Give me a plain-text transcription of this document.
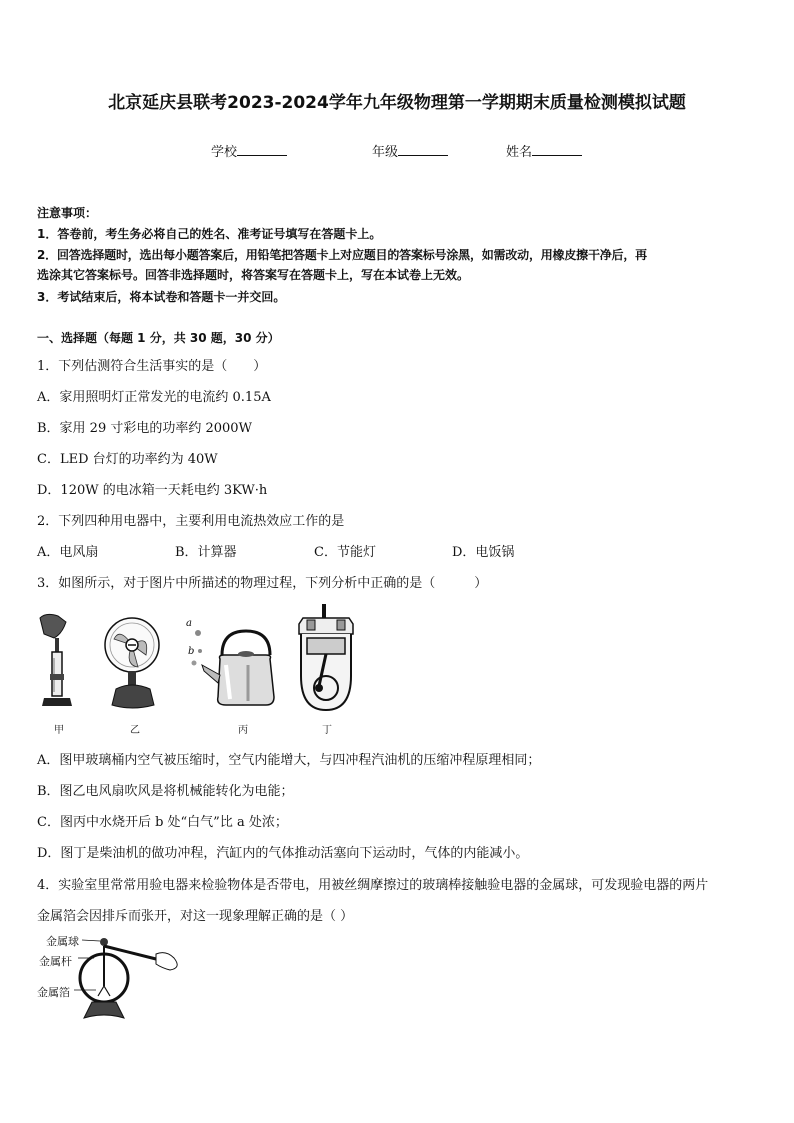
北京延庆县联考2023-2024学年九年级物理第一学期期末质量检测模拟试题
学校	年级	姓名
注意事项：
1．答卷前，考生务必将自己的姓名、准考证号填写在答题卡上。
2．回答选择题时，选出每小题答案后，用铅笔把答题卡上对应题目的答案标号涂黑，如需改动，用橡皮擦干净后，再
选涂其它答案标号。回答非选择题时，将答案写在答题卡上，写在本试卷上无效。
3．考试结束后，将本试卷和答题卡一并交回。
一、选择题（每题 1 分，共 30 题，30 分）
1．下列估测符合生活事实的是（　　）
A．家用照明灯正常发光的电流约 0.15A
B．家用 29 寸彩电的功率约 2000W
C．LED 台灯的功率约为 40W
D．120W 的电冰箱一天耗电约 3KW·h
2．下列四种用电器中，主要利用电流热效应工作的是
A．电风扇	B．计算器	C．节能灯	D．电饭锅
3．如图所示，对于图片中所描述的物理过程，下列分析中正确的是（　　　）
甲	乙
a
b
丙	丁
A．图甲玻璃桶内空气被压缩时，空气内能增大，与四冲程汽油机的压缩冲程原理相同；
B．图乙电风扇吹风是将机械能转化为电能；
C．图丙中水烧开后 b 处“白气”比 a 处浓；
D．图丁是柴油机的做功冲程，汽缸内的气体推动活塞向下运动时，气体的内能减小。
4．实验室里常常用验电器来检验物体是否带电，用被丝绸摩擦过的玻璃棒接触验电器的金属球，可发现验电器的两片
金属箔会因排斥而张开，对这一现象理解正确的是（ ）
金属球
金属杆
金属箔
